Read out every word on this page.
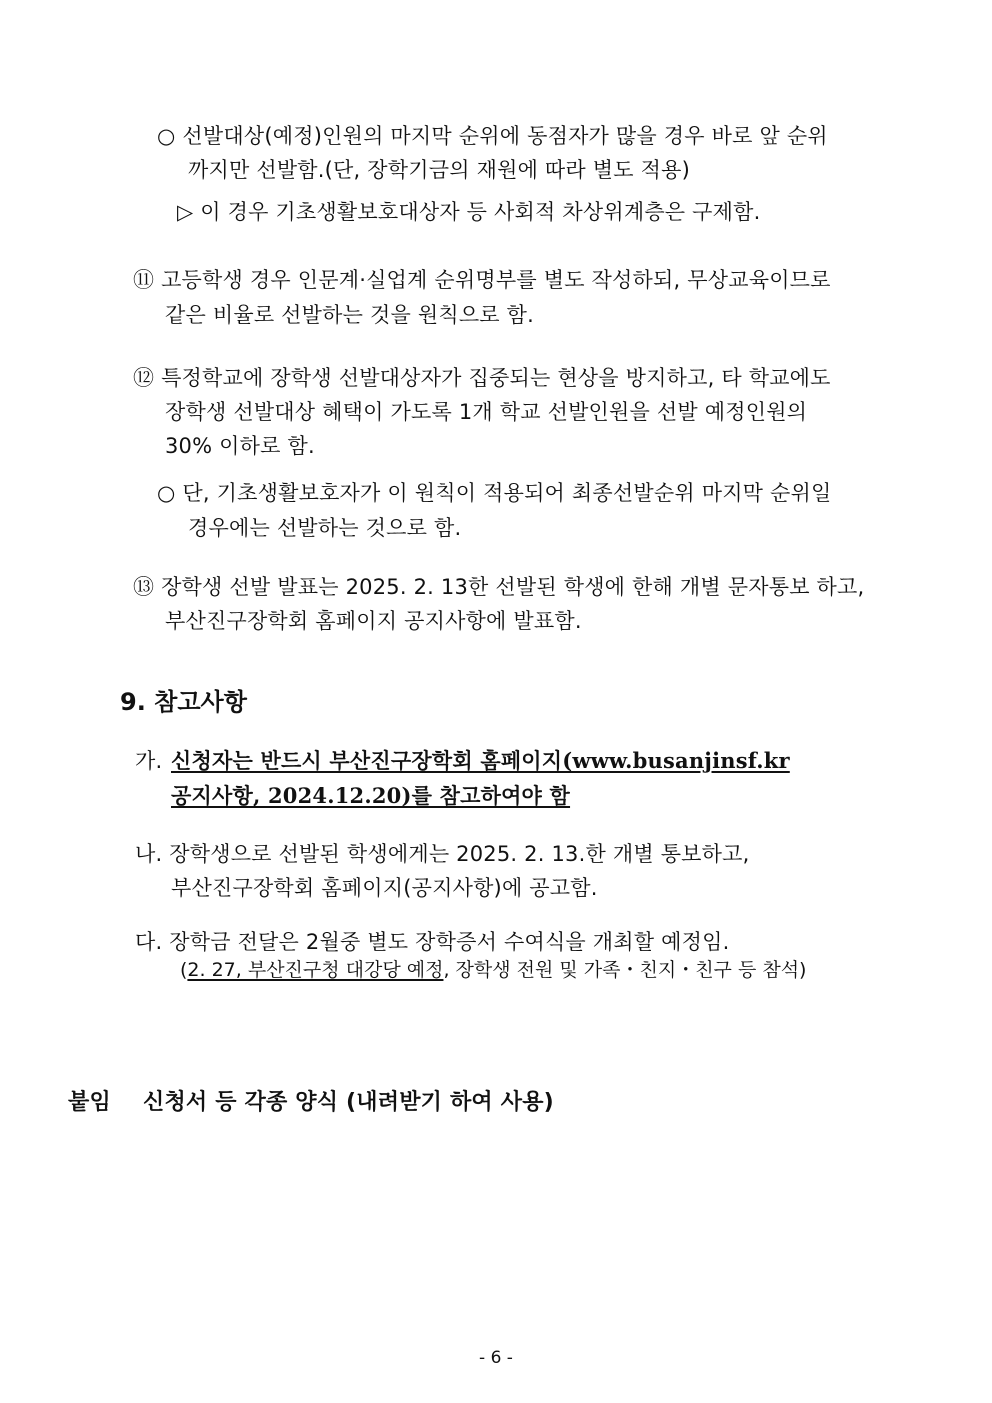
○ 선발대상(예정)인원의 마지막 순위에 동점자가 많을 경우 바로 앞 순위
까지만 선발함.(단, 장학기금의 재원에 따라 별도 적용)
▷ 이 경우 기초생활보호대상자 등 사회적 차상위계층은 구제함.
⑪ 고등학생 경우 인문계·실업계 순위명부를 별도 작성하되, 무상교육이므로
같은 비율로 선발하는 것을 원칙으로 함.
⑫ 특정학교에 장학생 선발대상자가 집중되는 현상을 방지하고, 타 학교에도
장학생 선발대상 혜택이 가도록 1개 학교 선발인원을 선발 예정인원의
30% 이하로 함.
○ 단, 기초생활보호자가 이 원칙이 적용되어 최종선발순위 마지막 순위일
경우에는 선발하는 것으로 함.
⑬ 장학생 선발 발표는 2025. 2. 13한 선발된 학생에 한해 개별 문자통보 하고,
부산진구장학회 홈페이지 공지사항에 발표함.
9. 참고사항
가. 신청자는 반드시 부산진구장학회 홈페이지(www.busanjinsf.kr
공지사항, 2024.12.20)를 참고하여야 함
나. 장학생으로 선발된 학생에게는 2025. 2. 13.한 개별 통보하고,
부산진구장학회 홈페이지(공지사항)에 공고함.
다. 장학금 전달은 2월중 별도 장학증서 수여식을 개최할 예정임.
(2. 27, 부산진구청 대강당 예정, 장학생 전원 및 가족・친지・친구 등 참석)
붙임 신청서 등 각종 양식 (내려받기 하여 사용)
- 6 -
